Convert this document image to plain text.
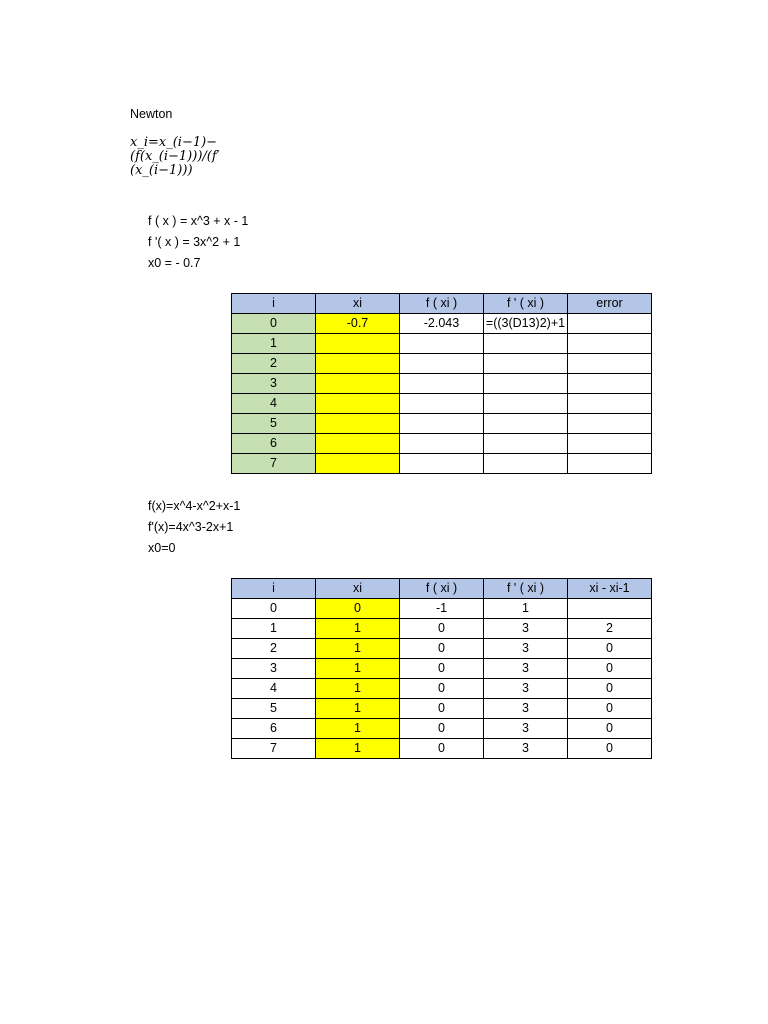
Newton
x_i=x_(i−1)−
(f(x_(i−1)))/(f′
(x_(i−1)))
f ( x ) = x^3 + x - 1
f '( x ) = 3x^2 + 1
x0 = - 0.7
i	xi	f ( xi )	f ' ( xi )	error
0	-0.7	-2.043	=((3(D13)2)+1	
1				
2				
3				
4				
5				
6				
7				
f(x)=x^4-x^2+x-1
f'(x)=4x^3-2x+1
x0=0
i	xi	f ( xi )	f ' ( xi )	xi - xi-1
0	0	-1	1	
1	1	0	3	2
2	1	0	3	0
3	1	0	3	0
4	1	0	3	0
5	1	0	3	0
6	1	0	3	0
7	1	0	3	0
